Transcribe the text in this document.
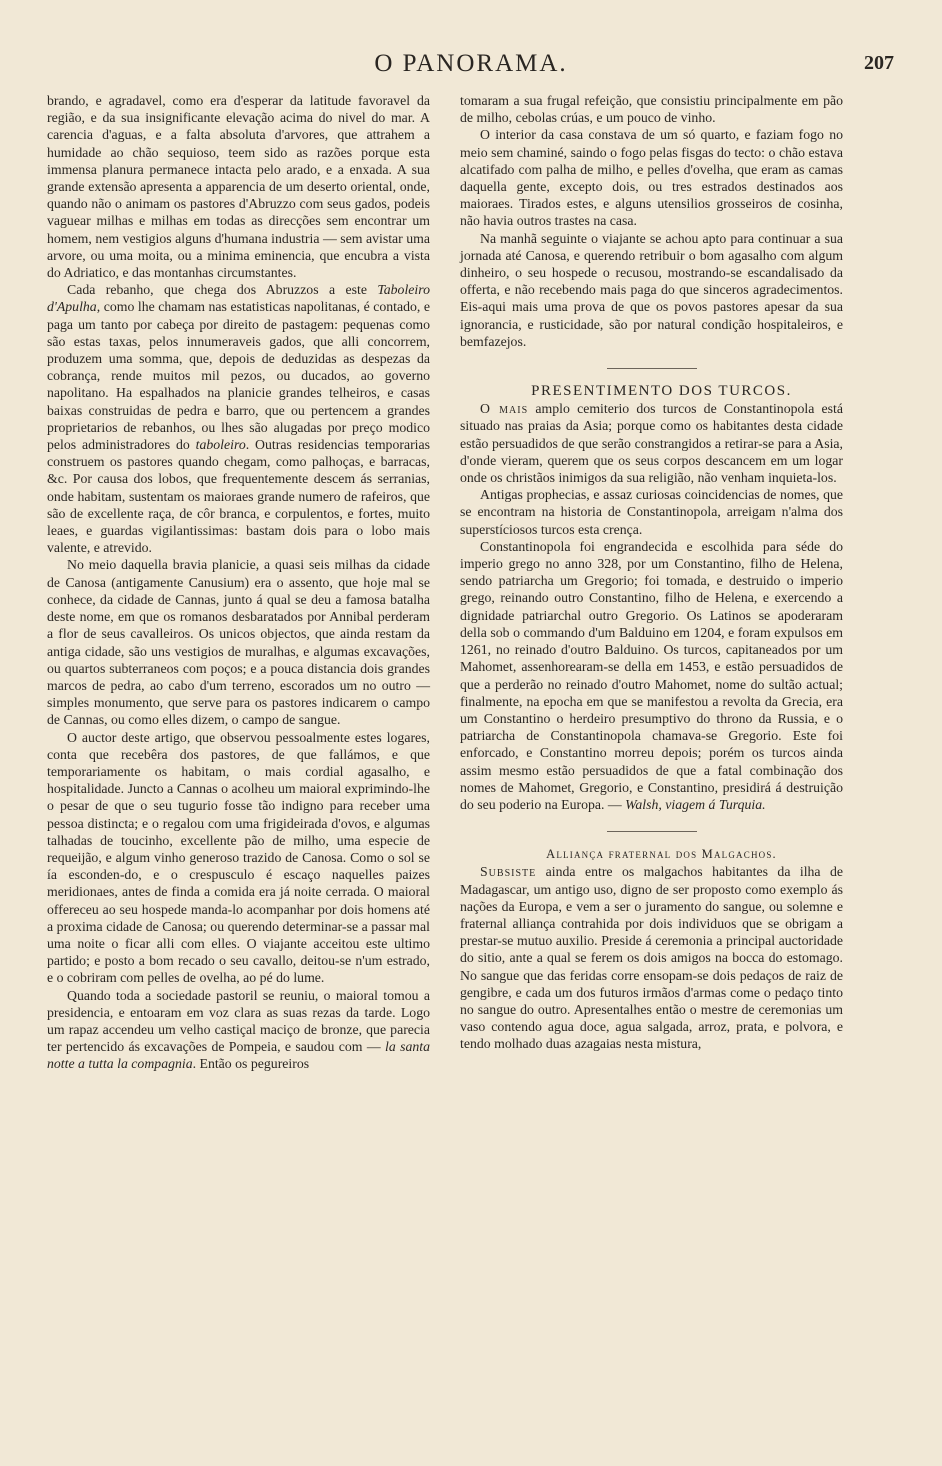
O PANORAMA.	207

brando, e agradavel, como era d'esperar da latitude favoravel da região, e da sua insignificante elevação acima do nivel do mar. A carencia d'aguas, e a falta absoluta d'arvores, que attrahem a humidade ao chão sequioso, teem sido as razões porque esta immensa planura permanece intacta pelo arado, e a enxada. A sua grande extensão apresenta a apparencia de um deserto oriental, onde, quando não o animam os pastores d'Abruzzo com seus gados, podeis vaguear milhas e milhas em todas as direcções sem encontrar um homem, nem vestigios alguns d'humana industria — sem avistar uma arvore, ou uma moita, ou a minima eminencia, que encubra a vista do Adriatico, e das montanhas circumstantes.

Cada rebanho, que chega dos Abruzzos a este Taboleiro d'Apulha, como lhe chamam nas estatisticas napolitanas, é contado, e paga um tanto por cabeça por direito de pastagem: pequenas como são estas taxas, pelos innumeraveis gados, que alli concorrem, produzem uma somma, que, depois de deduzidas as despezas da cobrança, rende muitos mil pezos, ou ducados, ao governo napolitano. Ha espalhados na planicie grandes telheiros, e casas baixas construidas de pedra e barro, que ou pertencem a grandes proprietarios de rebanhos, ou lhes são alugadas por preço modico pelos administradores do taboleiro. Outras residencias temporarias construem os pastores quando chegam, como palhoças, e barracas, &c. Por causa dos lobos, que frequentemente descem ás serranias, onde habitam, sustentam os maioraes grande numero de rafeiros, que são de excellente raça, de côr branca, e corpulentos, e fortes, muito leaes, e guardas vigilantissimas: bastam dois para o lobo mais valente, e atrevido.

No meio daquella bravia planicie, a quasi seis milhas da cidade de Canosa (antigamente Canusium) era o assento, que hoje mal se conhece, da cidade de Cannas, junto á qual se deu a famosa batalha deste nome, em que os romanos desbaratados por Annibal perderam a flor de seus cavalleiros. Os unicos objectos, que ainda restam da antiga cidade, são uns vestigios de muralhas, e algumas excavações, ou quartos subterraneos com poços; e a pouca distancia dois grandes marcos de pedra, ao cabo d'um terreno, escorados um no outro — simples monumento, que serve para os pastores indicarem o campo de Cannas, ou como elles dizem, o campo de sangue.

O auctor deste artigo, que observou pessoalmente estes logares, conta que recebêra dos pastores, de que fallámos, e que temporariamente os habitam, o mais cordial agasalho, e hospitalidade. Juncto a Cannas o acolheu um maioral exprimindo-lhe o pesar de que o seu tugurio fosse tão indigno para receber uma pessoa distincta; e o regalou com uma frigideirada d'ovos, e algumas talhadas de toucinho, excellente pão de milho, uma especie de requeijão, e algum vinho generoso trazido de Canosa. Como o sol se ía esconden-do, e o crespusculo é escaço naquelles paizes meridionaes, antes de finda a comida era já noite cerrada. O maioral offereceu ao seu hospede manda-lo acompanhar por dois homens até a proxima cidade de Canosa; ou querendo determinar-se a passar mal uma noite o ficar alli com elles. O viajante acceitou este ultimo partido; e posto a bom recado o seu cavallo, deitou-se n'um estrado, e o cobriram com pelles de ovelha, ao pé do lume.

Quando toda a sociedade pastoril se reuniu, o maioral tomou a presidencia, e entoaram em voz clara as suas rezas da tarde. Logo um rapaz accendeu um velho castiçal maciço de bronze, que parecia ter pertencido ás excavações de Pompeia, e saudou com — la santa notte a tutta la compagnia. Então os pegureiros

tomaram a sua frugal refeição, que consistiu principalmente em pão de milho, cebolas crúas, e um pouco de vinho.

O interior da casa constava de um só quarto, e faziam fogo no meio sem chaminé, saindo o fogo pelas fisgas do tecto: o chão estava alcatifado com palha de milho, e pelles d'ovelha, que eram as camas daquella gente, excepto dois, ou tres estrados destinados aos maioraes. Tirados estes, e alguns utensilios grosseiros de cosinha, não havia outros trastes na casa.

Na manhã seguinte o viajante se achou apto para continuar a sua jornada até Canosa, e querendo retribuir o bom agasalho com algum dinheiro, o seu hospede o recusou, mostrando-se escandalisado da offerta, e não recebendo mais paga do que sinceros agradecimentos. Eis-aqui mais uma prova de que os povos pastores apesar da sua ignorancia, e rusticidade, são por natural condição hospitaleiros, e bemfazejos.

PRESENTIMENTO DOS TURCOS.

O mais amplo cemiterio dos turcos de Constantinopola está situado nas praias da Asia; porque como os habitantes desta cidade estão persuadidos de que serão constrangidos a retirar-se para a Asia, d'onde vieram, querem que os seus corpos descancem em um logar onde os christãos inimigos da sua religião, não venham inquieta-los.

Antigas prophecias, e assaz curiosas coincidencias de nomes, que se encontram na historia de Constantinopola, arreigam n'alma dos superstíciosos turcos esta crença.

Constantinopola foi engrandecida e escolhida para séde do imperio grego no anno 328, por um Constantino, filho de Helena, sendo patriarcha um Gregorio; foi tomada, e destruido o imperio grego, reinando outro Constantino, filho de Helena, e exercendo a dignidade patriarchal outro Gregorio. Os Latinos se apoderaram della sob o commando d'um Balduino em 1204, e foram expulsos em 1261, no reinado d'outro Balduino. Os turcos, capitaneados por um Mahomet, assenhorearam-se della em 1453, e estão persuadidos de que a perderão no reinado d'outro Mahomet, nome do sultão actual; finalmente, na epocha em que se manifestou a revolta da Grecia, era um Constantino o herdeiro presumptivo do throno da Russia, e o patriarcha de Constantinopola chamava-se Gregorio. Este foi enforcado, e Constantino morreu depois; porém os turcos ainda assim mesmo estão persuadidos de que a fatal combinação dos nomes de Mahomet, Gregorio, e Constantino, presidirá á destruição do seu poderio na Europa. — Walsh, viagem á Turquia.

Alliança fraternal dos Malgachos.

Subsiste ainda entre os malgachos habitantes da ilha de Madagascar, um antigo uso, digno de ser proposto como exemplo ás nações da Europa, e vem a ser o juramento do sangue, ou solemne e fraternal alliança contrahida por dois individuos que se obrigam a prestar-se mutuo auxilio. Preside á ceremonia a principal auctoridade do sitio, ante a qual se ferem os dois amigos na bocca do estomago. No sangue que das feridas corre ensopam-se dois pedaços de raiz de gengibre, e cada um dos futuros irmãos d'armas come o pedaço tinto no sangue do outro. Apresentalhes então o mestre de ceremonias um vaso contendo agua doce, agua salgada, arroz, prata, e polvora, e tendo molhado duas azagaias nesta mistura,
